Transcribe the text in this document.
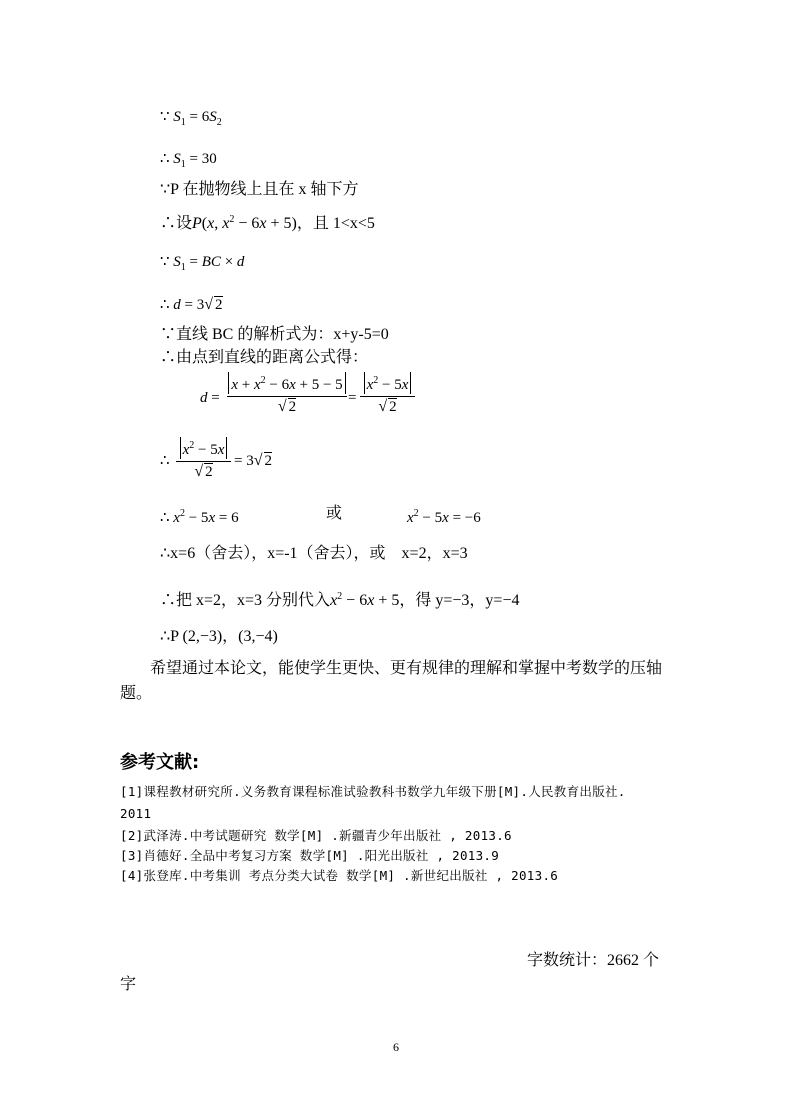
∵ $S_1 = 6S_2$
∴ $S_1 = 30$
∵P 在抛物线上且在 x 轴下方
∴设P(x, $x^2 - 6x + 5$)，且 1<x<5
∵ $S_1$ = BC × d
∴ d = 3√ 2
∵直线 BC 的解析式为：x+y-5=0
∴由点到直线的距离公式得：
d =
$x + x^2 - 6x + 5 - 5$
√ 2
=
$x^2 - 5x$
√ 2
∴
$x^2 - 5x$
√ 2
= 3√ 2
∴ $x^2 - 5x = 6$	或	$x^2 - 5x = -6$
∴x=6（舍去），x=-1（舍去），或　x=2，x=3
∴把 x=2，x=3 分别代入$x^2 - 6x + 5$，得 y=−3，y=−4
∴P (2,−3)，(3,−4)
希望通过本论文，能使学生更快、更有规律的理解和掌握中考数学的压轴题。
参考文献:
[1]课程教材研究所.义务教育课程标准试验教科书数学九年级下册[M].人民教育出版社.
2011
[2]武泽涛.中考试题研究 数学[M] .新疆青少年出版社 , 2013.6
[3]肖德好.全品中考复习方案 数学[M] .阳光出版社 , 2013.9
[4]张登库.中考集训 考点分类大试卷 数学[M] .新世纪出版社 , 2013.6
字数统计：2662 个
字
6
